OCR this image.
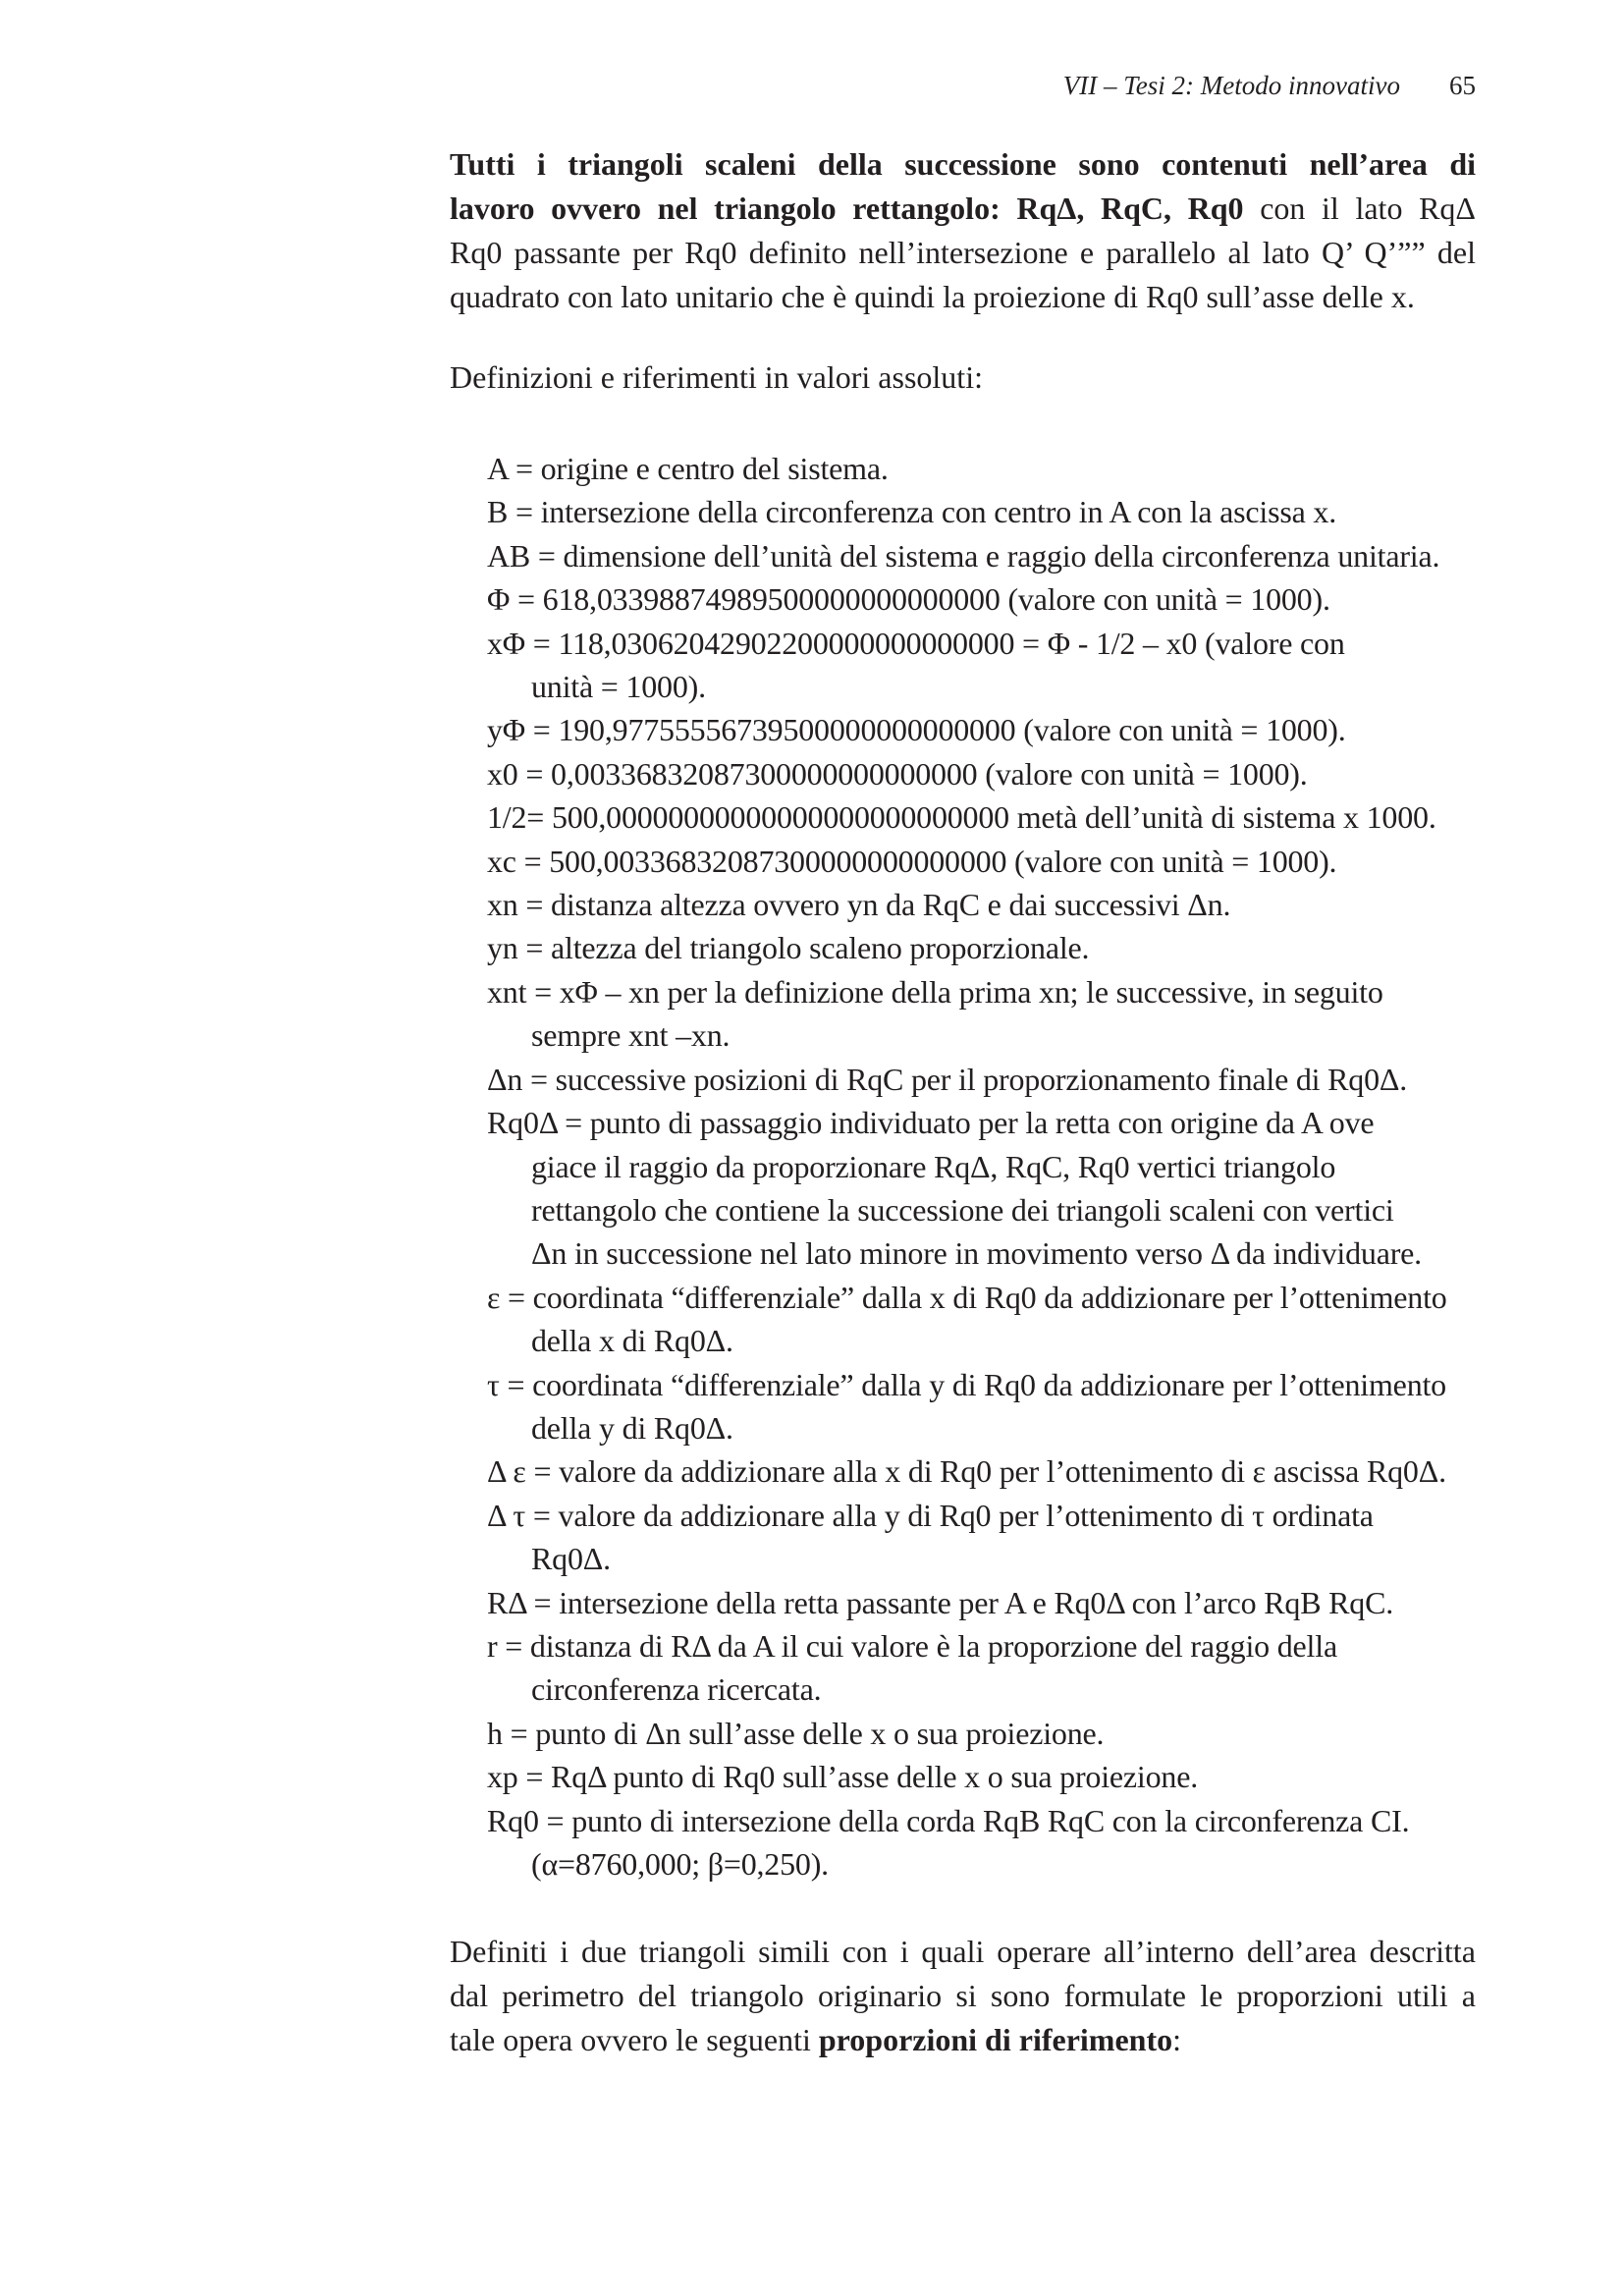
VII – Tesi 2: Metodo innovativo 65
Tutti i triangoli scaleni della successione sono contenuti nell’area di
lavoro ovvero nel triangolo rettangolo: RqΔ, RqC, Rq0 con il lato RqΔ
Rq0 passante per Rq0 definito nell’intersezione e parallelo al lato Q’ Q’”” del
quadrato con lato unitario che è quindi la proiezione di Rq0 sull’asse delle x.
Definizioni e riferimenti in valori assoluti:
A = origine e centro del sistema.
B = intersezione della circonferenza con centro in A con la ascissa x.
AB = dimensione dell’unità del sistema e raggio della circonferenza unitaria.
Φ = 618,03398874989500000000000000 (valore con unità = 1000).
xΦ = 118,03062042902200000000000000 = Φ - 1/2 – x0 (valore con
unità = 1000).
yΦ = 190,97755556739500000000000000 (valore con unità = 1000).
x0 = 0,00336832087300000000000000 (valore con unità = 1000).
1/2= 500,00000000000000000000000000 metà dell’unità di sistema x 1000.
xc = 500,00336832087300000000000000 (valore con unità = 1000).
xn = distanza altezza ovvero yn da RqC e dai successivi Δn.
yn = altezza del triangolo scaleno proporzionale.
xnt = xΦ – xn per la definizione della prima xn; le successive, in seguito
sempre xnt –xn.
Δn = successive posizioni di RqC per il proporzionamento finale di Rq0Δ.
Rq0Δ = punto di passaggio individuato per la retta con origine da A ove
giace il raggio da proporzionare RqΔ, RqC, Rq0 vertici triangolo
rettangolo che contiene la successione dei triangoli scaleni con vertici
Δn in successione nel lato minore in movimento verso Δ da individuare.
ε = coordinata “differenziale” dalla x di Rq0 da addizionare per l’ottenimento
della x di Rq0Δ.
τ = coordinata “differenziale” dalla y di Rq0 da addizionare per l’ottenimento
della y di Rq0Δ.
Δ ε = valore da addizionare alla x di Rq0 per l’ottenimento di ε ascissa Rq0Δ.
Δ τ = valore da addizionare alla y di Rq0 per l’ottenimento di τ ordinata
Rq0Δ.
RΔ = intersezione della retta passante per A e Rq0Δ con l’arco RqB RqC.
r = distanza di RΔ da A il cui valore è la proporzione del raggio della
circonferenza ricercata.
h = punto di Δn sull’asse delle x o sua proiezione.
xp = RqΔ punto di Rq0 sull’asse delle x o sua proiezione.
Rq0 = punto di intersezione della corda RqB RqC con la circonferenza CI.
(α=8760,000; β=0,250).
Definiti i due triangoli simili con i quali operare all’interno dell’area descritta
dal perimetro del triangolo originario si sono formulate le proporzioni utili a
tale opera ovvero le seguenti proporzioni di riferimento:
